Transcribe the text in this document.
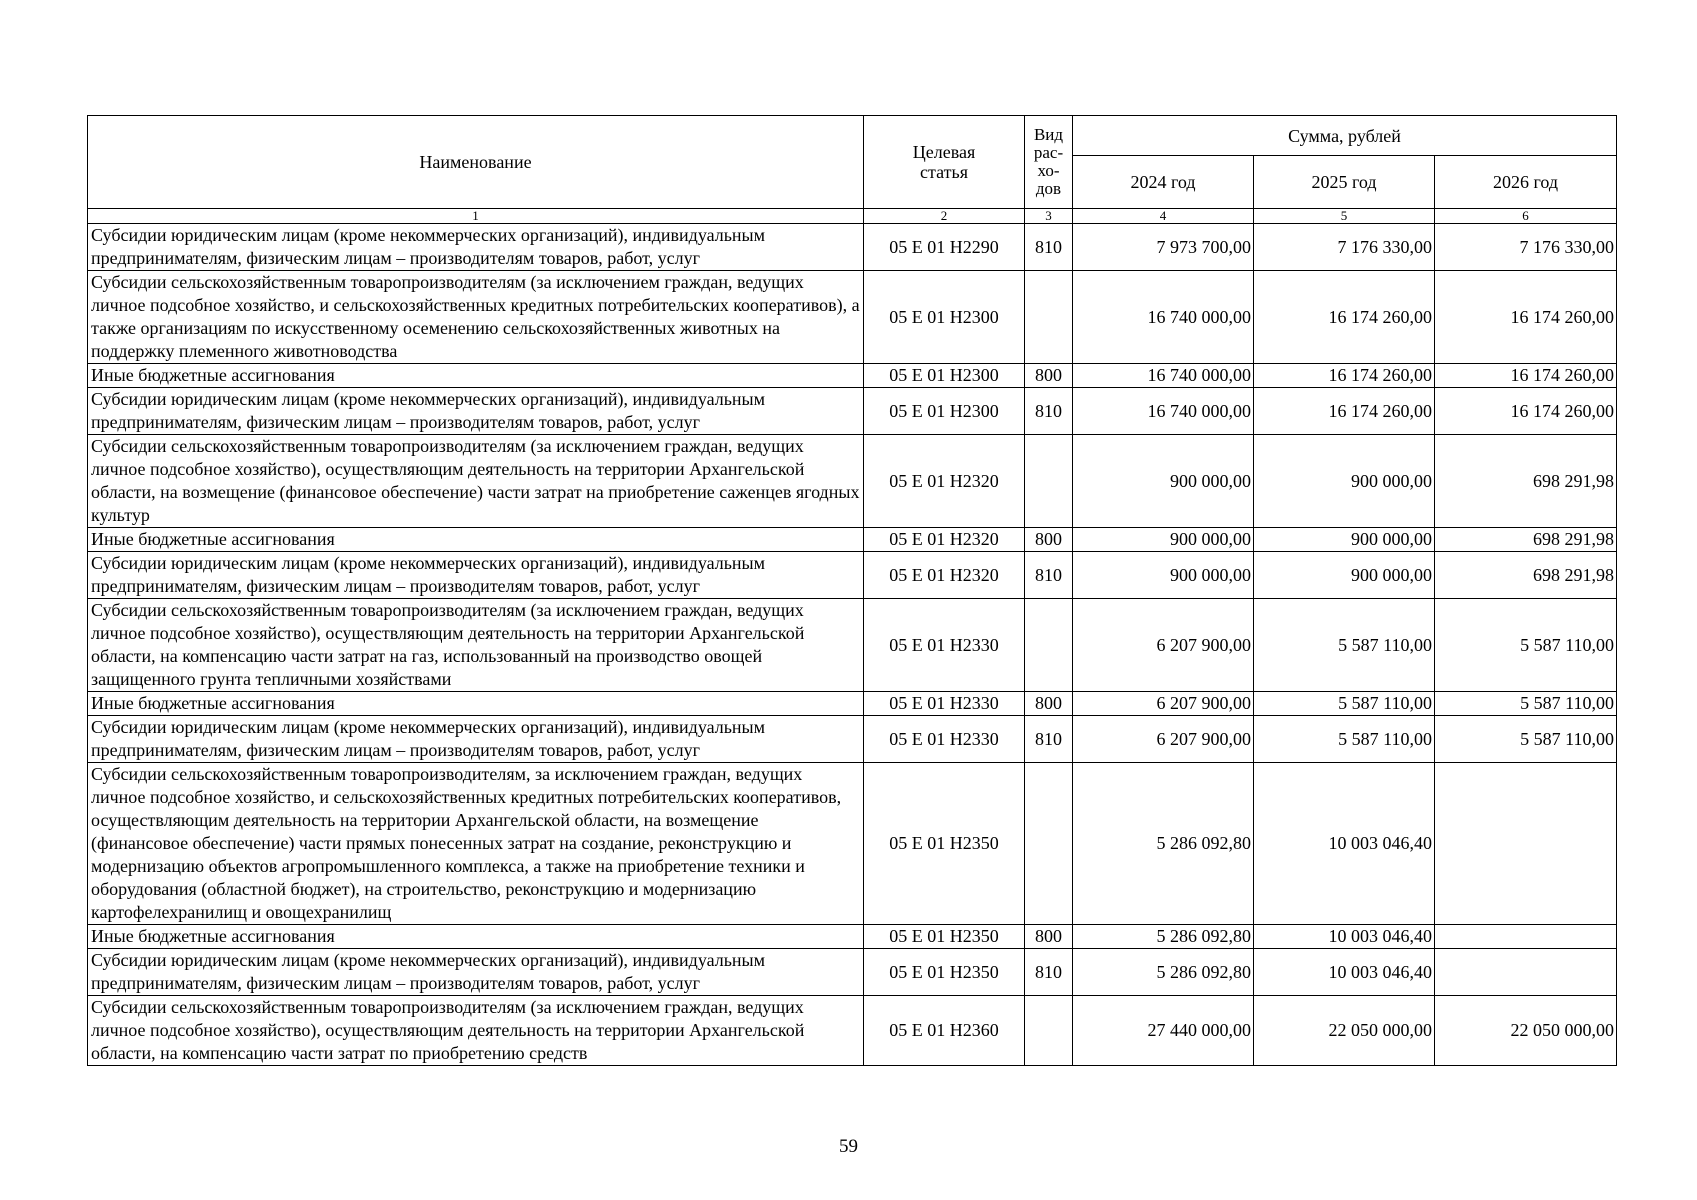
Наименование	Целевая статья	Вид рас-хо-дов	Сумма, рублей		
			2024 год	2025 год	2026 год
1	2	3	4	5	6
Субсидии юридическим лицам (кроме некоммерческих организаций), индивидуальным предпринимателям, физическим лицам – производителям товаров, работ, услуг	05 Е 01 Н2290	810	7 973 700,00	7 176 330,00	7 176 330,00
Субсидии сельскохозяйственным товаропроизводителям (за исключением граждан, ведущих личное подсобное хозяйство, и сельскохозяйственных кредитных потребительских кооперативов), а также организациям по искусственному осеменению сельскохозяйственных животных на поддержку племенного животноводства	05 Е 01 Н2300		16 740 000,00	16 174 260,00	16 174 260,00
Иные бюджетные ассигнования	05 Е 01 Н2300	800	16 740 000,00	16 174 260,00	16 174 260,00
Субсидии юридическим лицам (кроме некоммерческих организаций), индивидуальным предпринимателям, физическим лицам – производителям товаров, работ, услуг	05 Е 01 Н2300	810	16 740 000,00	16 174 260,00	16 174 260,00
Субсидии сельскохозяйственным товаропроизводителям (за исключением граждан, ведущих личное подсобное хозяйство), осуществляющим деятельность на территории Архангельской области, на возмещение (финансовое обеспечение) части затрат на приобретение саженцев ягодных культур	05 Е 01 Н2320		900 000,00	900 000,00	698 291,98
Иные бюджетные ассигнования	05 Е 01 Н2320	800	900 000,00	900 000,00	698 291,98
Субсидии юридическим лицам (кроме некоммерческих организаций), индивидуальным предпринимателям, физическим лицам – производителям товаров, работ, услуг	05 Е 01 Н2320	810	900 000,00	900 000,00	698 291,98
Субсидии сельскохозяйственным товаропроизводителям (за исключением граждан, ведущих личное подсобное хозяйство), осуществляющим деятельность на территории Архангельской области, на компенсацию части затрат на газ, использованный на производство овощей защищенного грунта тепличными хозяйствами	05 Е 01 Н2330		6 207 900,00	5 587 110,00	5 587 110,00
Иные бюджетные ассигнования	05 Е 01 Н2330	800	6 207 900,00	5 587 110,00	5 587 110,00
Субсидии юридическим лицам (кроме некоммерческих организаций), индивидуальным предпринимателям, физическим лицам – производителям товаров, работ, услуг	05 Е 01 Н2330	810	6 207 900,00	5 587 110,00	5 587 110,00
Субсидии сельскохозяйственным товаропроизводителям, за исключением граждан, ведущих личное подсобное хозяйство, и сельскохозяйственных кредитных потребительских кооперативов, осуществляющим деятельность на территории Архангельской области, на возмещение (финансовое обеспечение) части прямых понесенных затрат на создание, реконструкцию и модернизацию объектов агропромышленного комплекса, а также на приобретение техники и оборудования (областной бюджет), на строительство, реконструкцию и модернизацию картофелехранилищ и овощехранилищ	05 Е 01 Н2350		5 286 092,80	10 003 046,40	
Иные бюджетные ассигнования	05 Е 01 Н2350	800	5 286 092,80	10 003 046,40	
Субсидии юридическим лицам (кроме некоммерческих организаций), индивидуальным предпринимателям, физическим лицам – производителям товаров, работ, услуг	05 Е 01 Н2350	810	5 286 092,80	10 003 046,40	
Субсидии сельскохозяйственным товаропроизводителям (за исключением граждан, ведущих личное подсобное хозяйство), осуществляющим деятельность на территории Архангельской области, на компенсацию части затрат по приобретению средств	05 Е 01 Н2360		27 440 000,00	22 050 000,00	22 050 000,00
59
